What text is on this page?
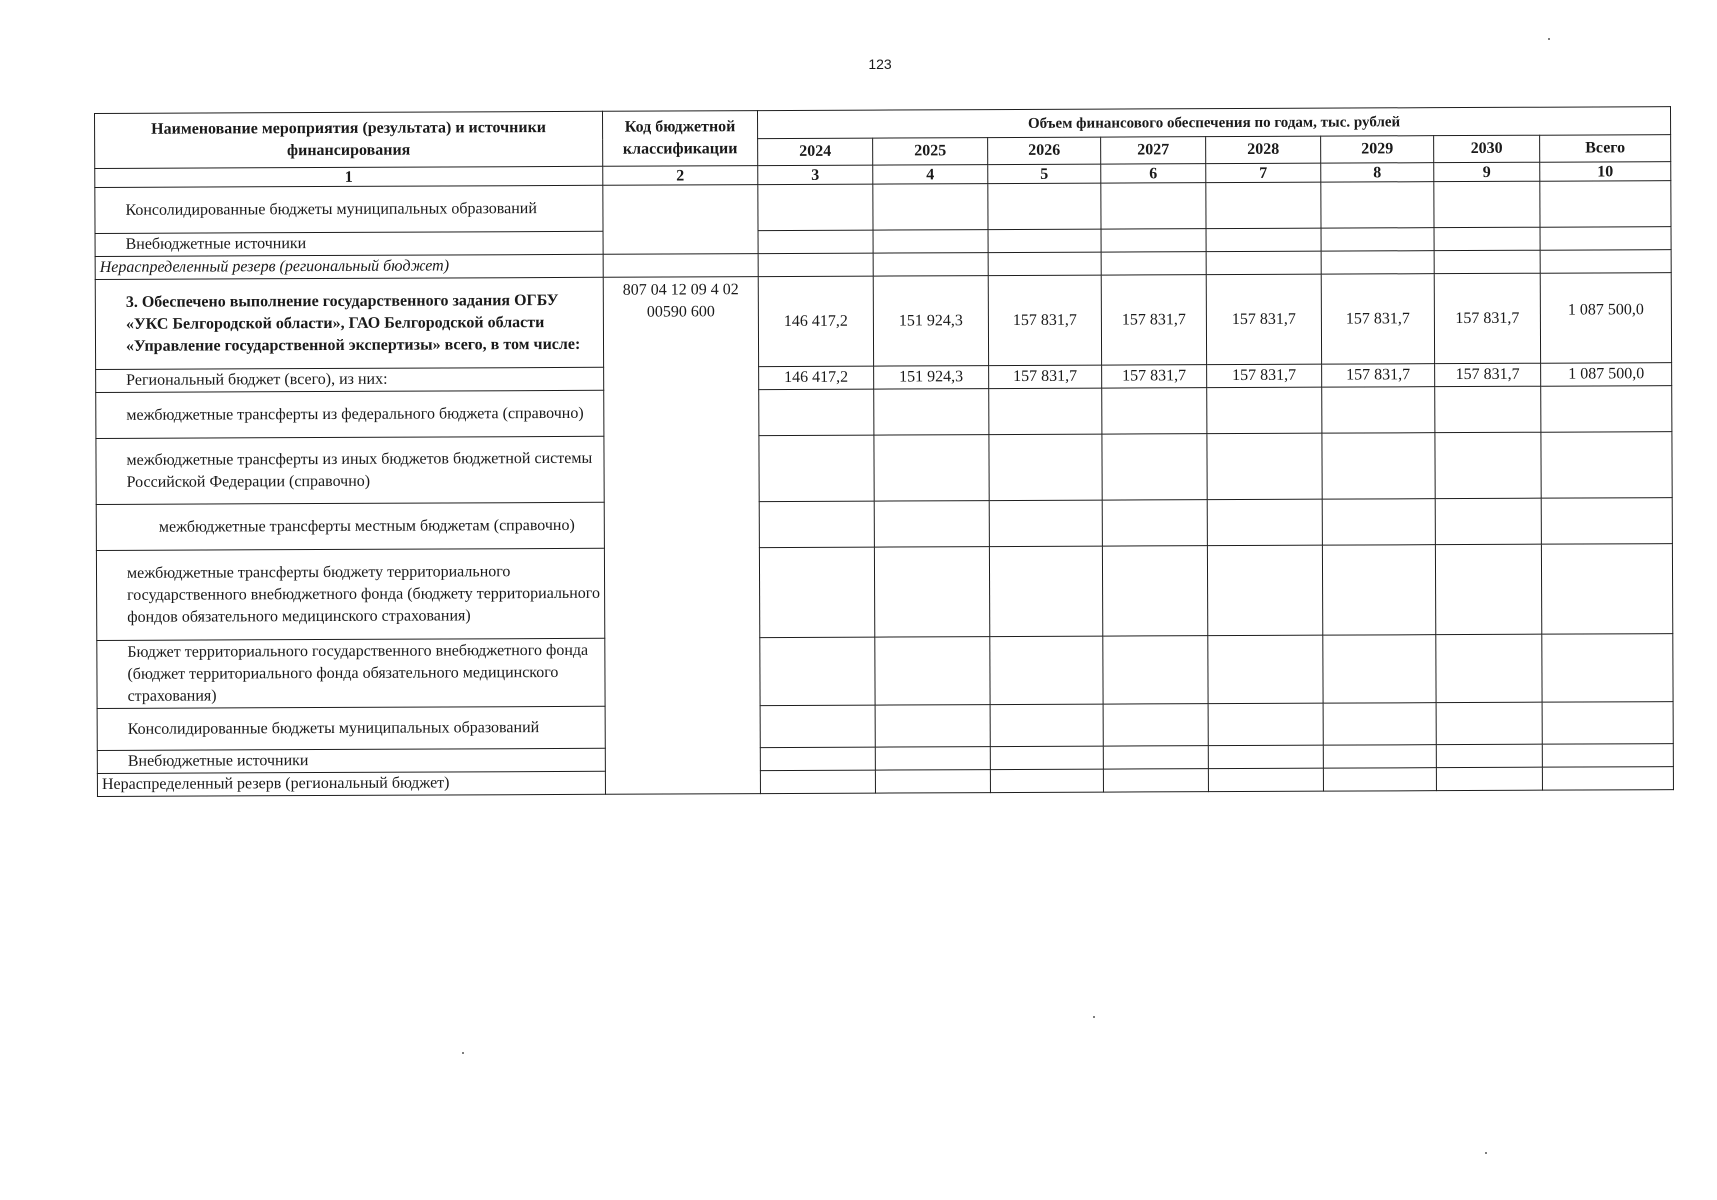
123
Наименование мероприятия (результата) и источники финансирования	Код бюджетной классификации	Объем финансового обеспечения по годам, тыс. рублей							
		2024	2025	2026	2027	2028	2029	2030	Всего
1	2	3	4	5	6	7	8	9	10
Консолидированные бюджеты муниципальных образований									
Внебюджетные источники									
Нераспределенный резерв (региональный бюджет)									
3. Обеспечено выполнение государственного задания ОГБУ «УКС Белгородской области», ГАО Белгородской области «Управление государственной экспертизы» всего, в том числе:	807 04 12 09 4 02 00590 600	146 417,2	151 924,3	157 831,7	157 831,7	157 831,7	157 831,7	157 831,7	1 087 500,0
Региональный бюджет (всего), из них:		146 417,2	151 924,3	157 831,7	157 831,7	157 831,7	157 831,7	157 831,7	1 087 500,0
межбюджетные трансферты из федерального бюджета (справочно)									
межбюджетные трансферты из иных бюджетов бюджетной системы Российской Федерации (справочно)									
межбюджетные трансферты местным бюджетам (справочно)									
межбюджетные трансферты бюджету территориального государственного внебюджетного фонда (бюджету территориального фондов обязательного медицинского страхования)									
Бюджет территориального государственного внебюджетного фонда (бюджет территориального фонда обязательного медицинского страхования)									
Консолидированные бюджеты муниципальных образований									
Внебюджетные источники									
Нераспределенный резерв (региональный бюджет)									
